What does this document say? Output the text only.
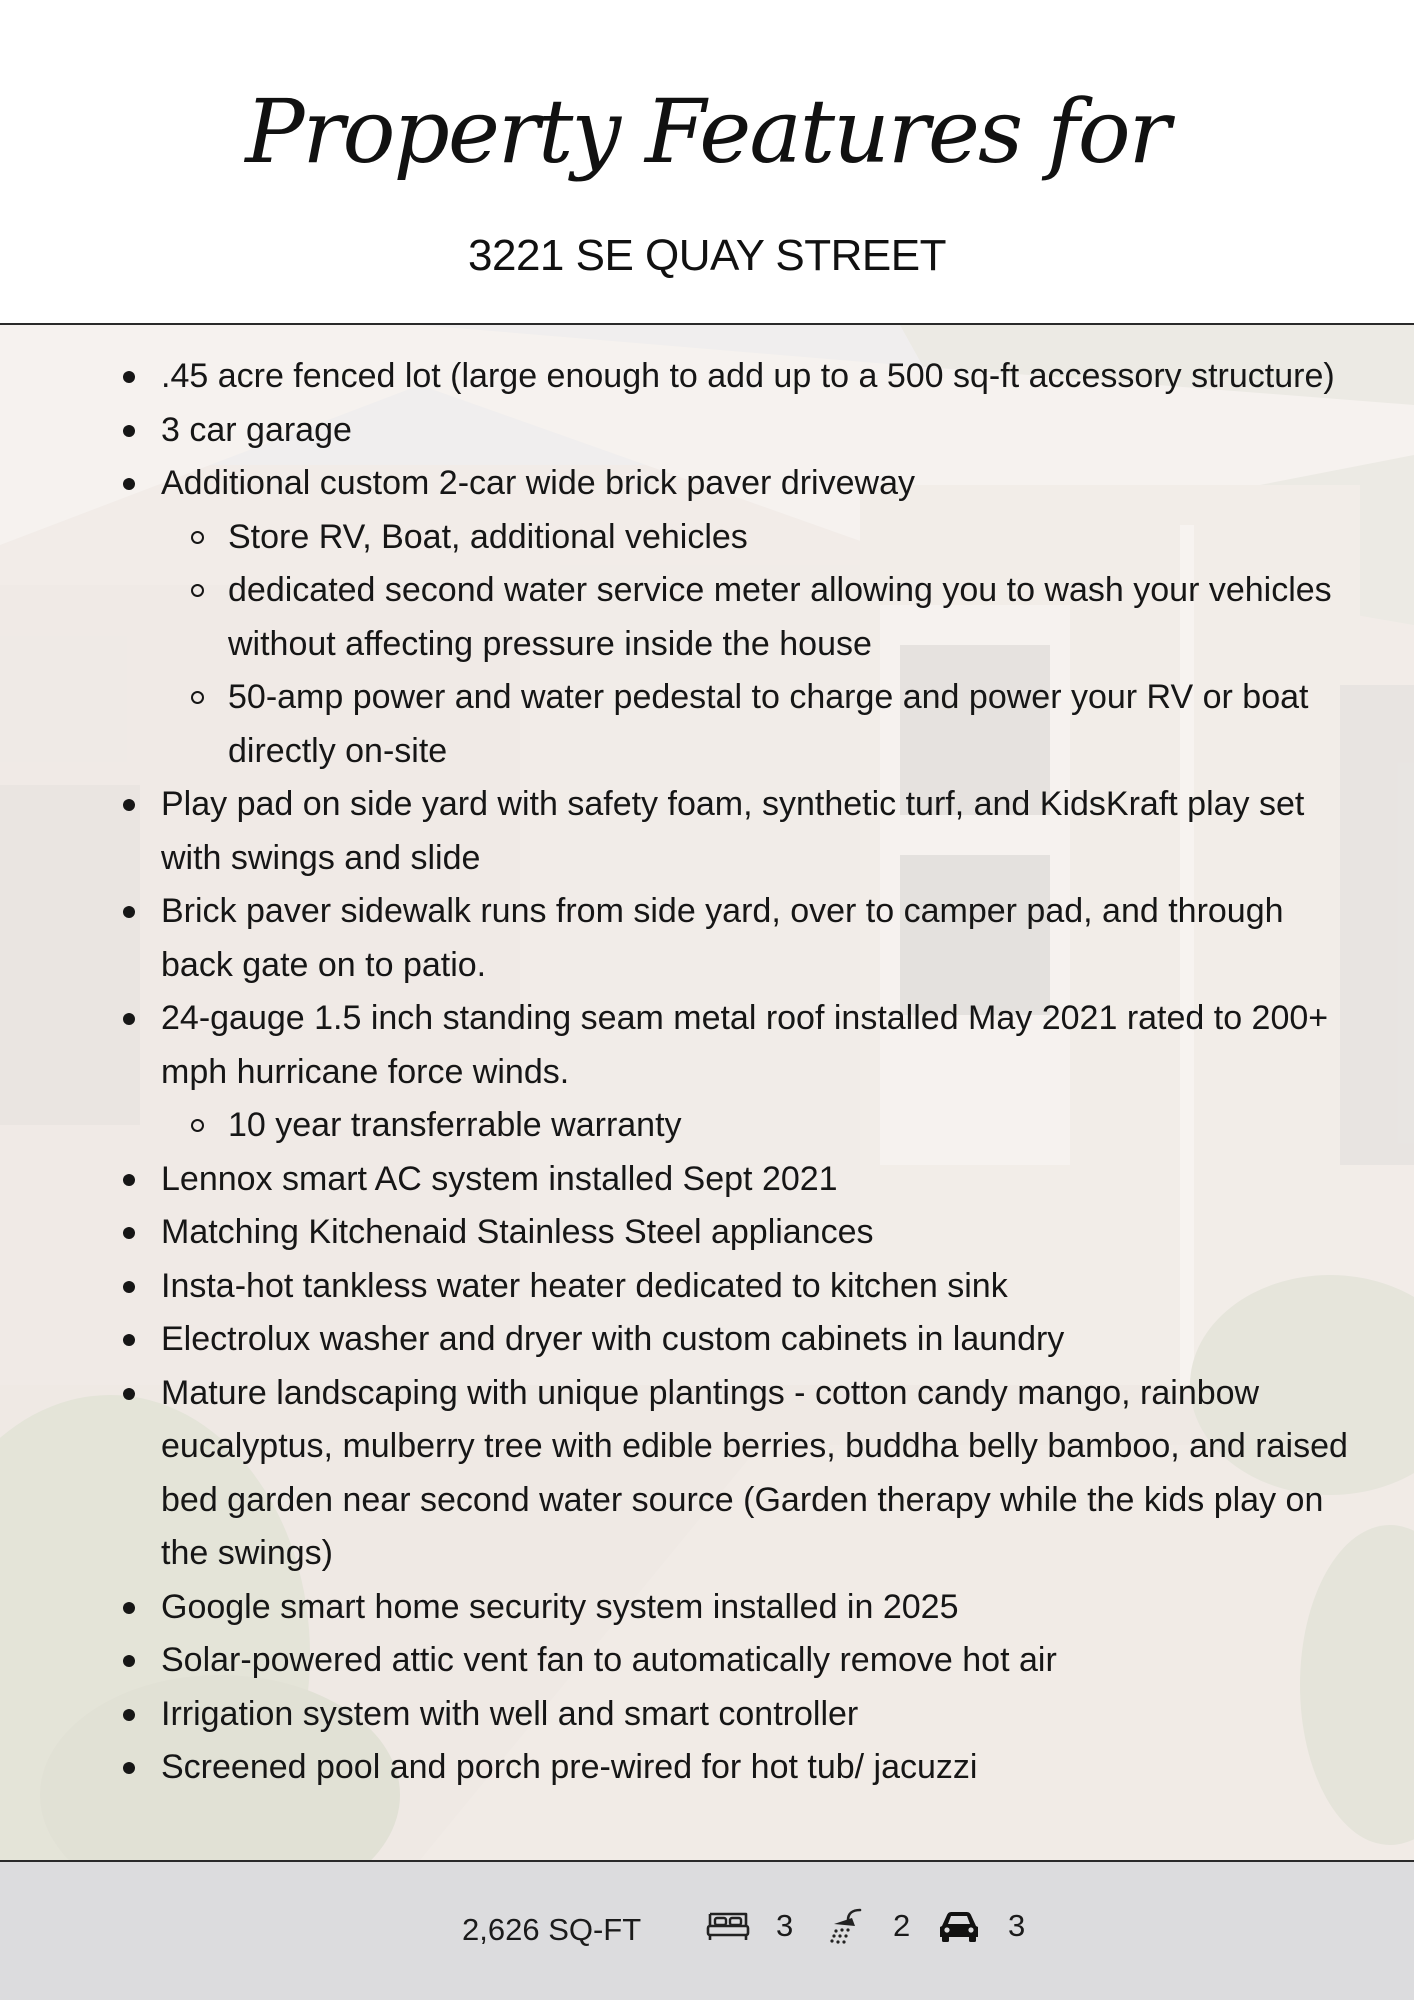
Property Features for
3221 SE QUAY STREET
.45 acre fenced lot (large enough to add up to a 500 sq-ft accessory structure)
3 car garage
Additional custom 2-car wide brick paver driveway
Store RV, Boat, additional vehicles
dedicated second water service meter allowing you to wash your vehicles without affecting pressure inside the house
50-amp power and water pedestal to charge and power your RV or boat directly on-site
Play pad on side yard with safety foam, synthetic turf, and KidsKraft play set with swings and slide
Brick paver sidewalk runs from side yard, over to camper pad, and through back gate on to patio.
24-gauge 1.5 inch standing seam metal roof installed May 2021 rated to 200+ mph hurricane force winds.
10 year transferrable warranty
Lennox smart AC system installed Sept 2021
Matching Kitchenaid Stainless Steel appliances
Insta-hot tankless water heater dedicated to kitchen sink
Electrolux washer and dryer with custom cabinets in laundry
Mature landscaping with unique plantings - cotton candy mango, rainbow eucalyptus, mulberry tree with edible berries, buddha belly bamboo, and raised bed garden near second water source (Garden therapy while the kids play on the swings)
Google smart home security system installed in 2025
Solar-powered attic vent fan to automatically remove hot air
Irrigation system with well and smart controller
Screened pool and porch pre-wired for hot tub/ jacuzzi
2,626 SQ-FT	3	2	3
